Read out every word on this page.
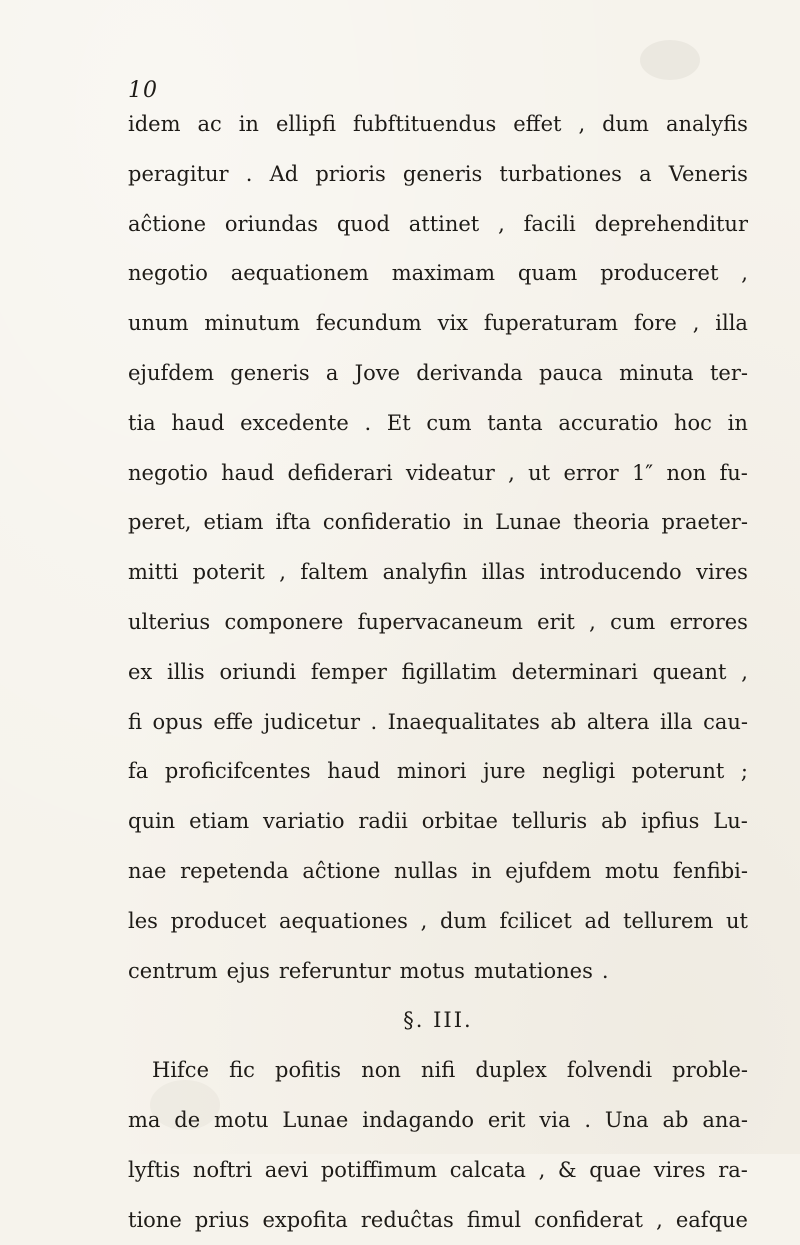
10
idem ac in ellipfi fubftituendus effet , dum analyfis
peragitur . Ad prioris generis turbationes a Veneris
aĉtione oriundas quod attinet , facili deprehenditur
negotio aequationem maximam quam produceret ,
unum minutum fecundum vix fuperaturam fore , illa
ejufdem generis a Jove derivanda pauca minuta ter-
tia haud excedente . Et cum tanta accuratio hoc in
negotio haud defiderari videatur , ut error 1″ non fu-
peret, etiam ifta confideratio in Lunae theoria praeter-
mitti poterit , faltem analyfin illas introducendo vires
ulterius componere fupervacaneum erit , cum errores
ex illis oriundi femper figillatim determinari queant ,
fi opus effe judicetur . Inaequalitates ab altera illa cau-
fa proficifcentes haud minori jure negligi poterunt ;
quin etiam variatio radii orbitae telluris ab ipfius Lu-
nae repetenda aĉtione nullas in ejufdem motu fenfibi-
les producet aequationes , dum fcilicet ad tellurem ut
centrum ejus referuntur motus mutationes .
§. III.
Hifce fic pofitis non nifi duplex folvendi proble-
ma de motu Lunae indagando erit via . Una ab ana-
lyftis noftri aevi potiffimum calcata , & quae vires ra-
tione prius expofita reduĉtas fimul confiderat , eafque
